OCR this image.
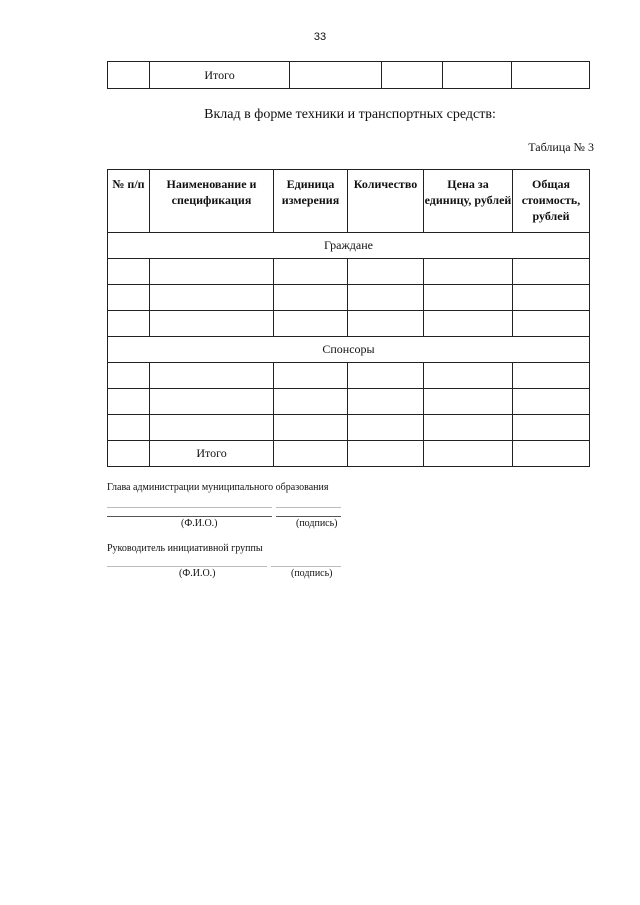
33
	Итого				
Вклад в форме техники и транспортных средств:
Таблица № 3
№ п/п	Наименование и спецификация	Единица измерения	Количество	Цена за единицу, рублей	Общая стоимость, рублей
Граждане					

Спонсоры					

	Итого				
Глава администрации муниципального образования
(Ф.И.О.)	(подпись)
Руководитель инициативной группы
(Ф.И.О.)	(подпись)
